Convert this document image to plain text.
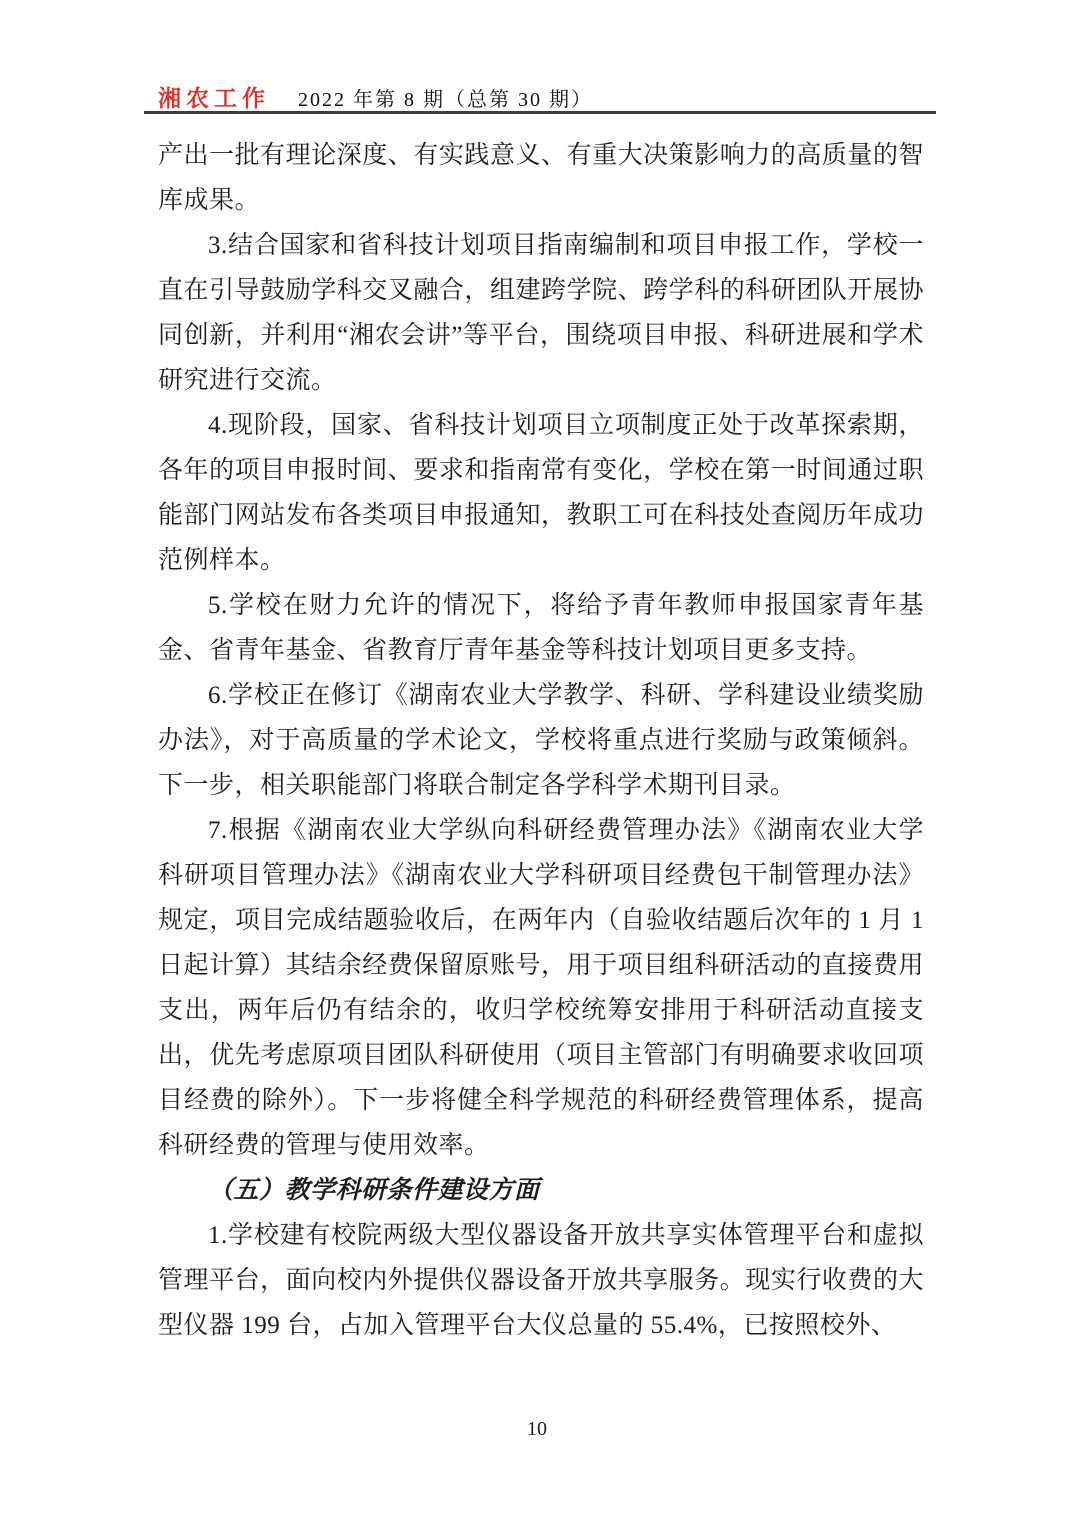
湘农工作 2022 年第 8 期（总第 30 期）

产出一批有理论深度、有实践意义、有重大决策影响力的高质量的智库成果。

3.结合国家和省科技计划项目指南编制和项目申报工作，学校一直在引导鼓励学科交叉融合，组建跨学院、跨学科的科研团队开展协同创新，并利用“湘农会讲”等平台，围绕项目申报、科研进展和学术研究进行交流。

4.现阶段，国家、省科技计划项目立项制度正处于改革探索期，各年的项目申报时间、要求和指南常有变化，学校在第一时间通过职能部门网站发布各类项目申报通知，教职工可在科技处查阅历年成功范例样本。

5.学校在财力允许的情况下，将给予青年教师申报国家青年基金、省青年基金、省教育厅青年基金等科技计划项目更多支持。

6.学校正在修订《湖南农业大学教学、科研、学科建设业绩奖励办法》，对于高质量的学术论文，学校将重点进行奖励与政策倾斜。下一步，相关职能部门将联合制定各学科学术期刊目录。

7.根据《湖南农业大学纵向科研经费管理办法》《湖南农业大学科研项目管理办法》《湖南农业大学科研项目经费包干制管理办法》规定，项目完成结题验收后，在两年内（自验收结题后次年的 1 月 1 日起计算）其结余经费保留原账号，用于项目组科研活动的直接费用支出，两年后仍有结余的，收归学校统筹安排用于科研活动直接支出，优先考虑原项目团队科研使用（项目主管部门有明确要求收回项目经费的除外）。下一步将健全科学规范的科研经费管理体系，提高科研经费的管理与使用效率。

（五）教学科研条件建设方面

1.学校建有校院两级大型仪器设备开放共享实体管理平台和虚拟管理平台，面向校内外提供仪器设备开放共享服务。现实行收费的大型仪器 199 台，占加入管理平台大仪总量的 55.4%，已按照校外、

10
